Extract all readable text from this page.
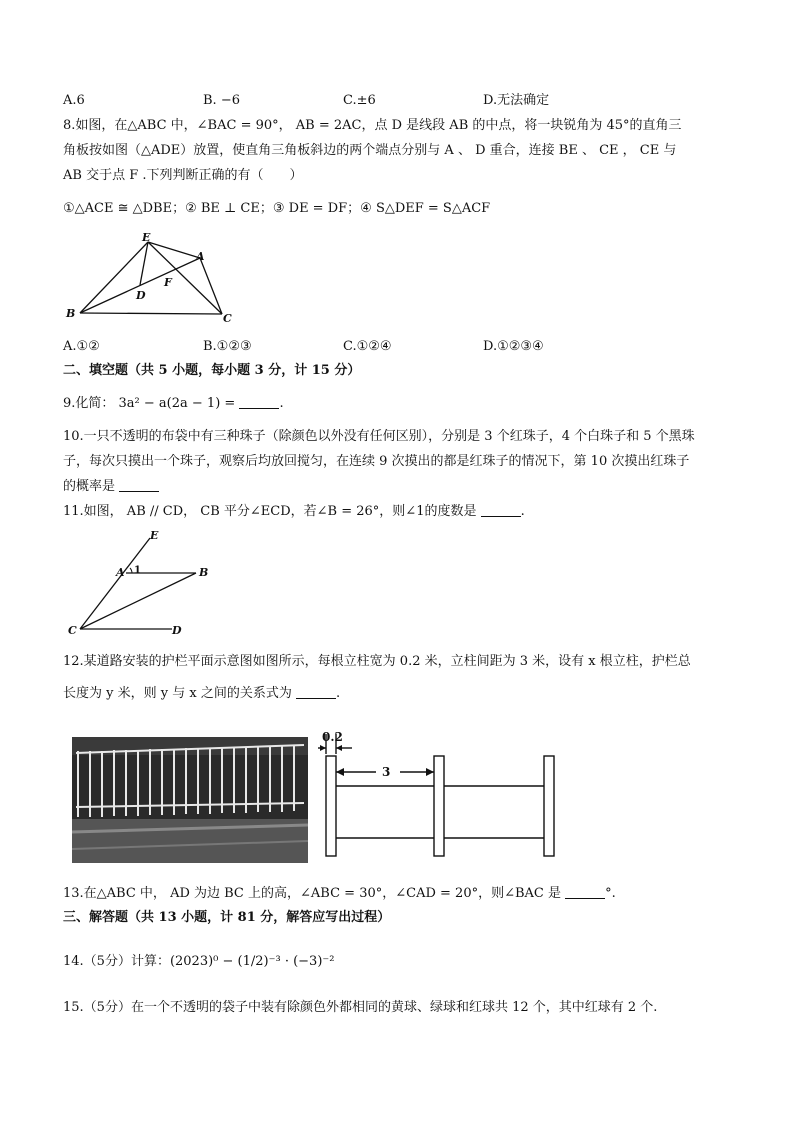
A.6	B. −6	C.±6	D.无法确定
8.如图，在△ABC 中，∠BAC = 90°， AB = 2AC，点 D 是线段 AB 的中点，将一块锐角为 45°的直角三
角板按如图（△ADE）放置，使直角三角板斜边的两个端点分别与 A 、 D 重合，连接 BE 、 CE ， CE 与
AB 交于点 F .下列判断正确的有（　　）
①△ACE ≅ △DBE；② BE ⊥ CE；③ DE = DF；④ S△DEF = S△ACF
E
A
D
F
B	C
A.①②	B.①②③	C.①②④	D.①②③④
二、填空题（共 5 小题，每小题 3 分，计 15 分）
9.化简： 3a² − a(2a − 1) =	.
10.一只不透明的布袋中有三种珠子（除颜色以外没有任何区别），分别是 3 个红珠子，4 个白珠子和 5 个黑珠
子，每次只摸出一个珠子，观察后均放回搅匀，在连续 9 次摸出的都是红珠子的情况下，第 10 次摸出红珠子
的概率是
11.如图， AB // CD， CB 平分∠ECD，若∠B = 26°，则∠1的度数是	.
E
A 1	B
C	D
12.某道路安装的护栏平面示意图如图所示，每根立柱宽为 0.2 米，立柱间距为 3 米，设有 x 根立柱，护栏总
长度为 y 米，则 y 与 x 之间的关系式为	.
0.2
3
13.在△ABC 中， AD 为边 BC 上的高，∠ABC = 30°，∠CAD = 20°，则∠BAC 是	°.
三、解答题（共 13 小题，计 81 分，解答应写出过程）
14.（5分）计算：(2023)⁰ − (1/2)⁻³ · (−3)⁻²
15.（5分）在一个不透明的袋子中装有除颜色外都相同的黄球、绿球和红球共 12 个，其中红球有 2 个.
